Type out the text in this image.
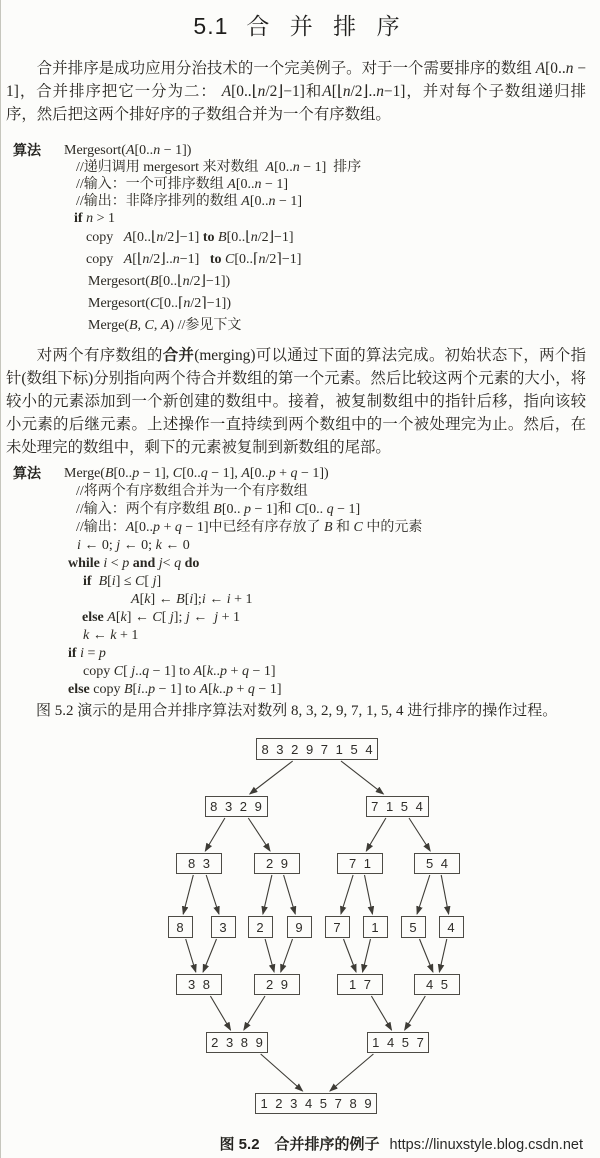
5.1 合 并 排 序

合并排序是成功应用分治技术的一个完美例子。对于一个需要排序的数组 A[0..n − 1]，合并排序把它一分为二： A[0..⌊n/2⌋−1]和A[⌊n/2⌋..n−1]，并对每个子数组递归排序，然后把这两个排好序的子数组合并为一个有序数组。

算法	Mergesort(A[0..n − 1])
//递归调用 mergesort 来对数组  A[0..n − 1]  排序
//输入：一个可排序数组 A[0..n − 1]
//输出：非降序排列的数组 A[0..n − 1]
if n > 1
copy   A[0..⌊n/2⌋−1] to B[0..⌊n/2⌋−1]
copy   A[⌊n/2⌋..n−1]   to C[0..⌈n/2⌉−1]
Mergesort(B[0..⌊n/2⌋−1])
Mergesort(C[0..⌈n/2⌉−1])
Merge(B, C, A) //参见下文

对两个有序数组的合并(merging)可以通过下面的算法完成。初始状态下，两个指针(数组下标)分别指向两个待合并数组的第一个元素。然后比较这两个元素的大小，将较小的元素添加到一个新创建的数组中。接着，被复制数组中的指针后移，指向该较小元素的后继元素。上述操作一直持续到两个数组中的一个被处理完为止。然后，在未处理完的数组中，剩下的元素被复制到新数组的尾部。

算法	Merge(B[0..p − 1], C[0..q − 1], A[0..p + q − 1])
//将两个有序数组合并为一个有序数组
//输入：两个有序数组 B[0.. p − 1]和 C[0.. q − 1]
//输出：A[0..p + q − 1]中已经有序存放了 B 和 C 中的元素
i ← 0; j ← 0; k ← 0
while i < p and j< q do
if  B[i] ≤ C[ j]
A[k] ← B[i];i ← i + 1
else A[k] ← C[ j]; j ←  j + 1
k ← k + 1
if i = p
copy C[ j..q − 1] to A[k..p + q − 1]
else copy B[i..p − 1] to A[k..p + q − 1]

图 5.2 演示的是用合并排序算法对数列 8, 3, 2, 9, 7, 1, 5, 4 进行排序的操作过程。

8 3 2 9 7 1 5 4
8 3 2 9	7 1 5 4
8 3	2 9	7 1	5 4
8	3	2	9	7	1	5	4
3 8	2 9	1 7	4 5
2 3 8 9	1 4 5 7
1 2 3 4 5 7 8 9
图 5.2　合并排序的例子 https://linuxstyle.blog.csdn.net
